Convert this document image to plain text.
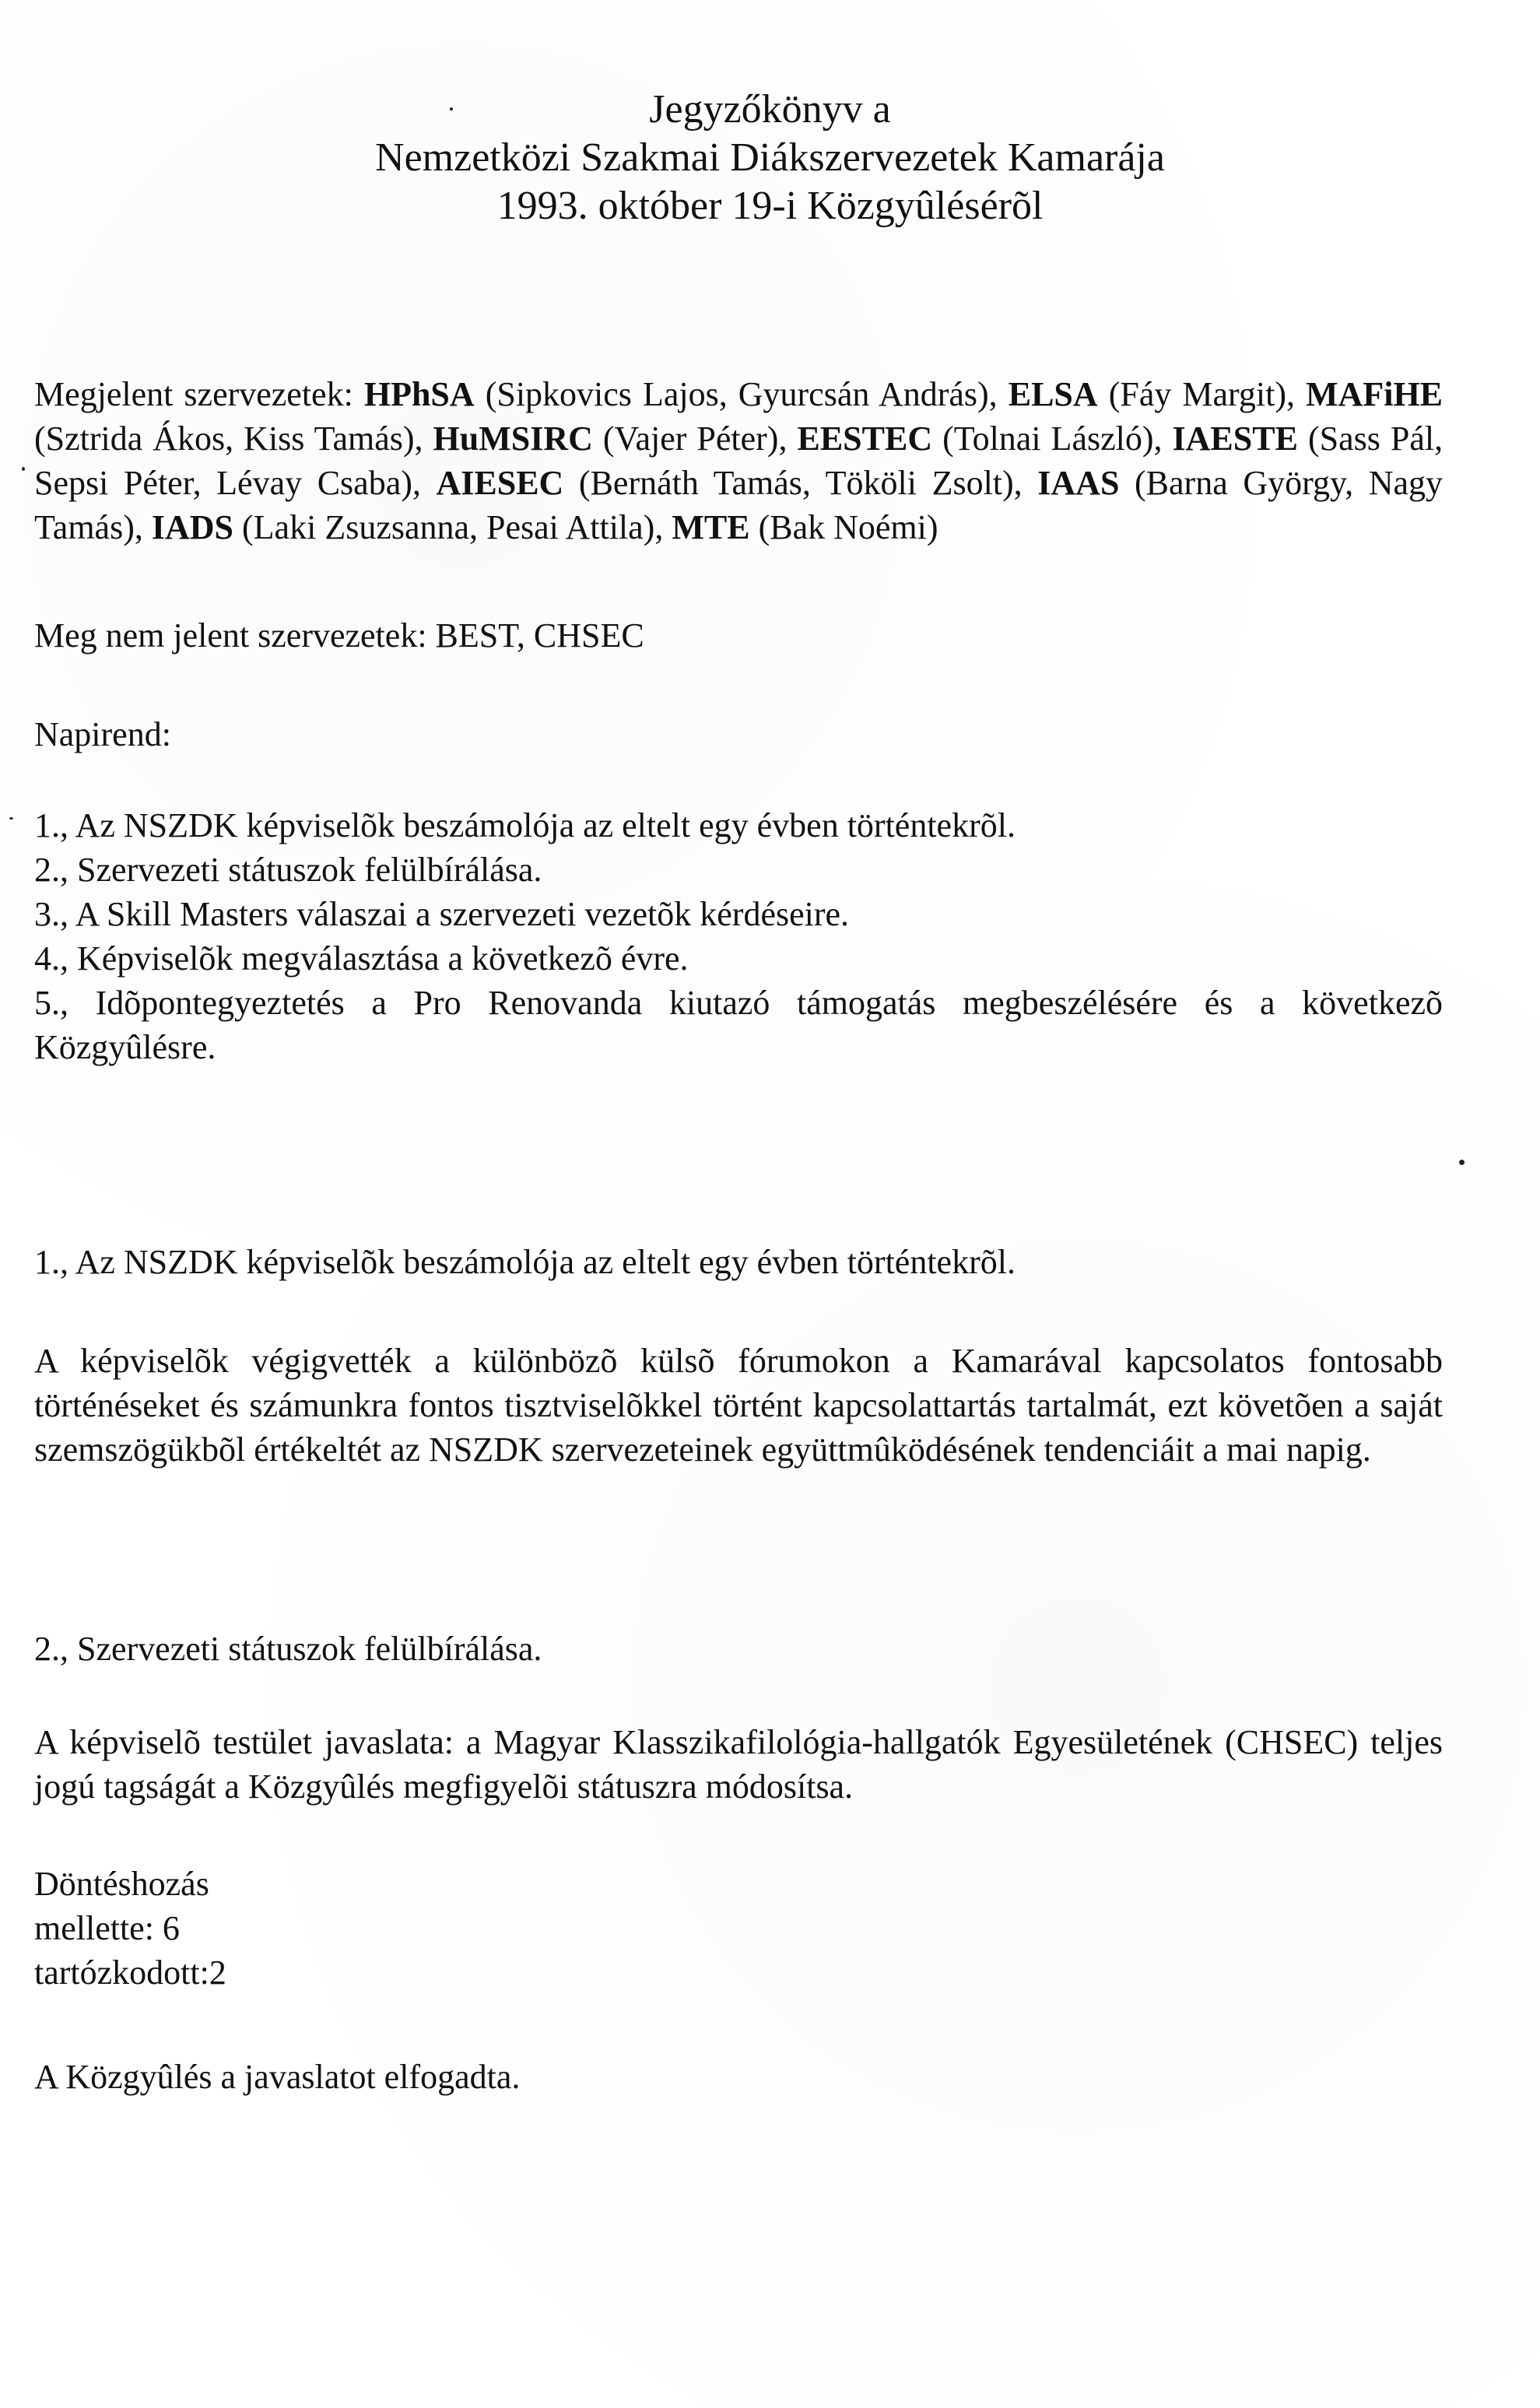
Jegyzőkönyv a
Nemzetközi Szakmai Diákszervezetek Kamarája
1993. október 19-i Közgyûlésérõl
Megjelent szervezetek: HPhSA (Sipkovics Lajos, Gyurcsán András), ELSA (Fáy Margit), MAFiHE (Sztrida Ákos, Kiss Tamás), HuMSIRC (Vajer Péter), EESTEC (Tolnai László), IAESTE (Sass Pál, Sepsi Péter, Lévay Csaba), AIESEC (Bernáth Tamás, Tököli Zsolt), IAAS (Barna György, Nagy Tamás), IADS (Laki Zsuzsanna, Pesai Attila), MTE (Bak Noémi)
Meg nem jelent szervezetek: BEST, CHSEC
Napirend:
1., Az NSZDK képviselõk beszámolója az eltelt egy évben történtekrõl.
2., Szervezeti státuszok felülbírálása.
3., A Skill Masters válaszai a szervezeti vezetõk kérdéseire.
4., Képviselõk megválasztása a következõ évre.
5., Idõpontegyeztetés a Pro Renovanda kiutazó támogatás megbeszélésére és a következõ Közgyûlésre.
1., Az NSZDK képviselõk beszámolója az eltelt egy évben történtekrõl.
A képviselõk végigvették a különbözõ külsõ fórumokon a Kamarával kapcsolatos fontosabb történéseket és számunkra fontos tisztviselõkkel történt kapcsolattartás tartalmát, ezt követõen a saját szemszögükbõl értékeltét az NSZDK szervezeteinek együttmûködésének tendenciáit a mai napig.
2., Szervezeti státuszok felülbírálása.
A képviselõ testület javaslata: a Magyar Klasszikafilológia-hallgatók Egyesületének (CHSEC) teljes jogú tagságát a Közgyûlés megfigyelõi státuszra módosítsa.
Döntéshozás
mellette: 6
tartózkodott:2
A Közgyûlés a javaslatot elfogadta.
